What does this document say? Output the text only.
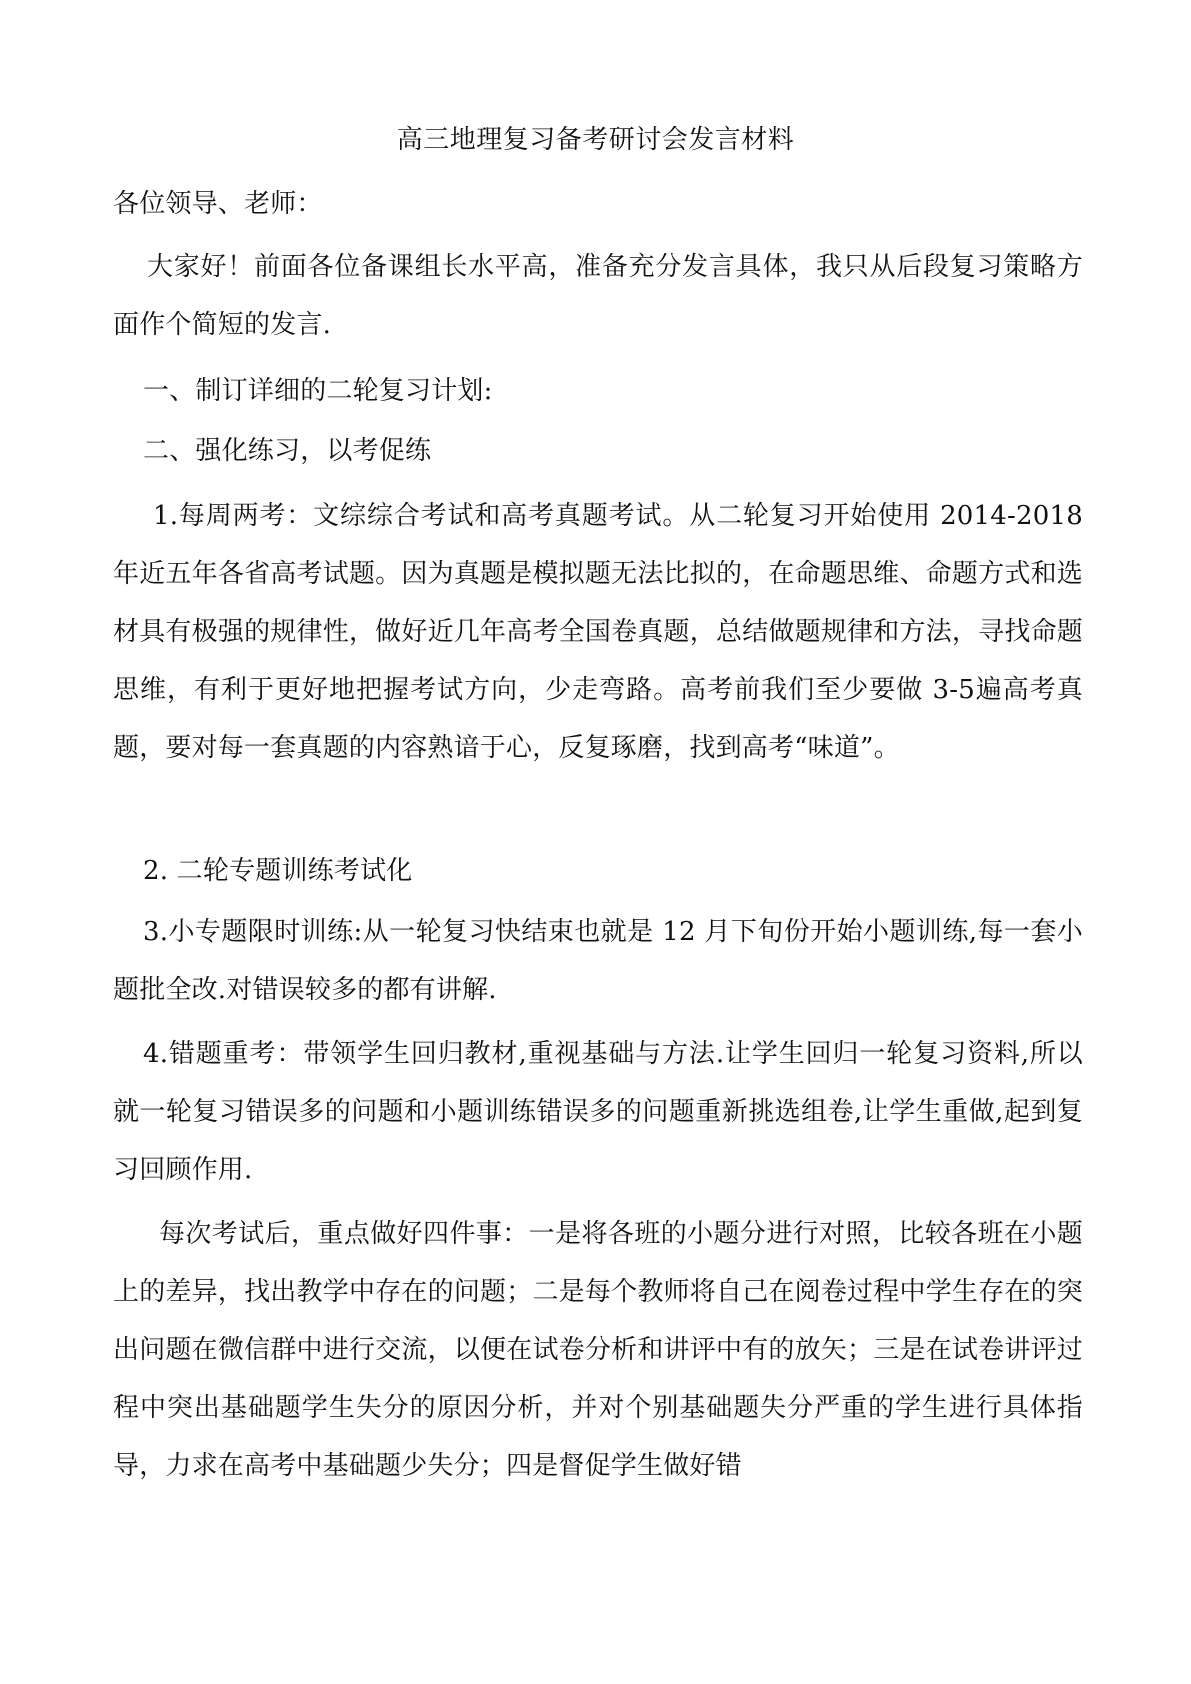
高三地理复习备考研讨会发言材料

各位领导、老师：

大家好！前面各位备课组长水平高，准备充分发言具体，我只从后段复习策略方面作个简短的发言.

一、制订详细的二轮复习计划:

二、强化练习，以考促练

1.每周两考：文综综合考试和高考真题考试。从二轮复习开始使用 2014-2018 年近五年各省高考试题。因为真题是模拟题无法比拟的，在命题思维、命题方式和选材具有极强的规律性，做好近几年高考全国卷真题，总结做题规律和方法，寻找命题思维，有利于更好地把握考试方向，少走弯路。高考前我们至少要做 3-5遍高考真题，要对每一套真题的内容熟谙于心，反复琢磨，找到高考“味道”。

2. 二轮专题训练考试化

3.小专题限时训练:从一轮复习快结束也就是 12 月下旬份开始小题训练,每一套小题批全改.对错误较多的都有讲解.

4.错题重考：带领学生回归教材,重视基础与方法.让学生回归一轮复习资料,所以就一轮复习错误多的问题和小题训练错误多的问题重新挑选组卷,让学生重做,起到复习回顾作用.

每次考试后，重点做好四件事：一是将各班的小题分进行对照，比较各班在小题上的差异，找出教学中存在的问题；二是每个教师将自己在阅卷过程中学生存在的突出问题在微信群中进行交流，以便在试卷分析和讲评中有的放矢；三是在试卷讲评过程中突出基础题学生失分的原因分析，并对个别基础题失分严重的学生进行具体指导，力求在高考中基础题少失分；四是督促学生做好错
